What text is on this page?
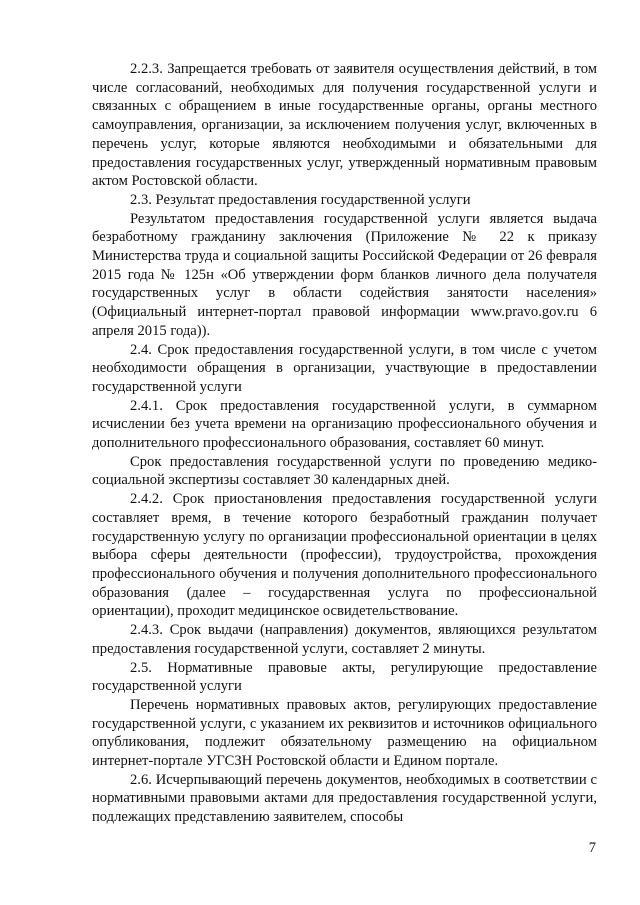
2.2.3. Запрещается требовать от заявителя осуществления действий, в том числе согласований, необходимых для получения государственной услуги и связанных с обращением в иные государственные органы, органы местного самоуправления, организации, за исключением получения услуг, включенных в перечень услуг, которые являются необходимыми и обязательными для предоставления государственных услуг, утвержденный нормативным правовым актом Ростовской области.

2.3. Результат предоставления государственной услуги

Результатом предоставления государственной услуги является выдача безработному гражданину заключения (Приложение № 22 к приказу Министерства труда и социальной защиты Российской Федерации от 26 февраля 2015 года № 125н «Об утверждении форм бланков личного дела получателя государственных услуг в области содействия занятости населения» (Официальный интернет-портал правовой информации www.pravo.gov.ru 6 апреля 2015 года)).

2.4. Срок предоставления государственной услуги, в том числе с учетом необходимости обращения в организации, участвующие в предоставлении государственной услуги

2.4.1. Срок предоставления государственной услуги, в суммарном исчислении без учета времени на организацию профессионального обучения и дополнительного профессионального образования, составляет 60 минут.

Срок предоставления государственной услуги по проведению медико-социальной экспертизы составляет 30 календарных дней.

2.4.2. Срок приостановления предоставления государственной услуги составляет время, в течение которого безработный гражданин получает государственную услугу по организации профессиональной ориентации в целях выбора сферы деятельности (профессии), трудоустройства, прохождения профессионального обучения и получения дополнительного профессионального образования (далее – государственная услуга по профессиональной ориентации), проходит медицинское освидетельствование.

2.4.3. Срок выдачи (направления) документов, являющихся результатом предоставления государственной услуги, составляет 2 минуты.

2.5. Нормативные правовые акты, регулирующие предоставление государственной услуги

Перечень нормативных правовых актов, регулирующих предоставление государственной услуги, с указанием их реквизитов и источников официального опубликования, подлежит обязательному размещению на официальном интернет-портале УГСЗН Ростовской области и Едином портале.

2.6. Исчерпывающий перечень документов, необходимых в соответствии с нормативными правовыми актами для предоставления государственной услуги, подлежащих представлению заявителем, способы

7
